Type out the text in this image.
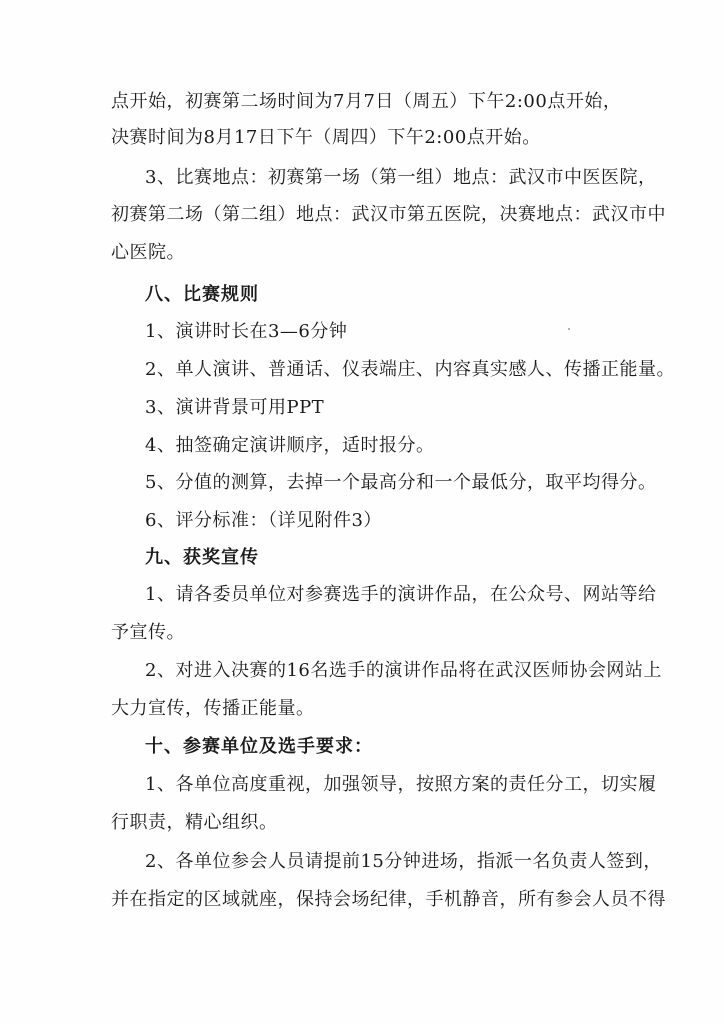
点开始，初赛第二场时间为7月7日（周五）下午2:00点开始，
决赛时间为8月17日下午（周四）下午2:00点开始。
3、比赛地点：初赛第一场（第一组）地点：武汉市中医医院，
初赛第二场（第二组）地点：武汉市第五医院，决赛地点：武汉市中
心医院。
八、比赛规则
1、演讲时长在3—6分钟
2、单人演讲、普通话、仪表端庄、内容真实感人、传播正能量。
3、演讲背景可用PPT
4、抽签确定演讲顺序，适时报分。
5、分值的测算，去掉一个最高分和一个最低分，取平均得分。
6、评分标准：（详见附件3）
九、获奖宣传
1、请各委员单位对参赛选手的演讲作品，在公众号、网站等给
予宣传。
2、对进入决赛的16名选手的演讲作品将在武汉医师协会网站上
大力宣传，传播正能量。
十、参赛单位及选手要求：
1、各单位高度重视，加强领导，按照方案的责任分工，切实履
行职责，精心组织。
2、各单位参会人员请提前15分钟进场，指派一名负责人签到，
并在指定的区域就座，保持会场纪律，手机静音，所有参会人员不得
